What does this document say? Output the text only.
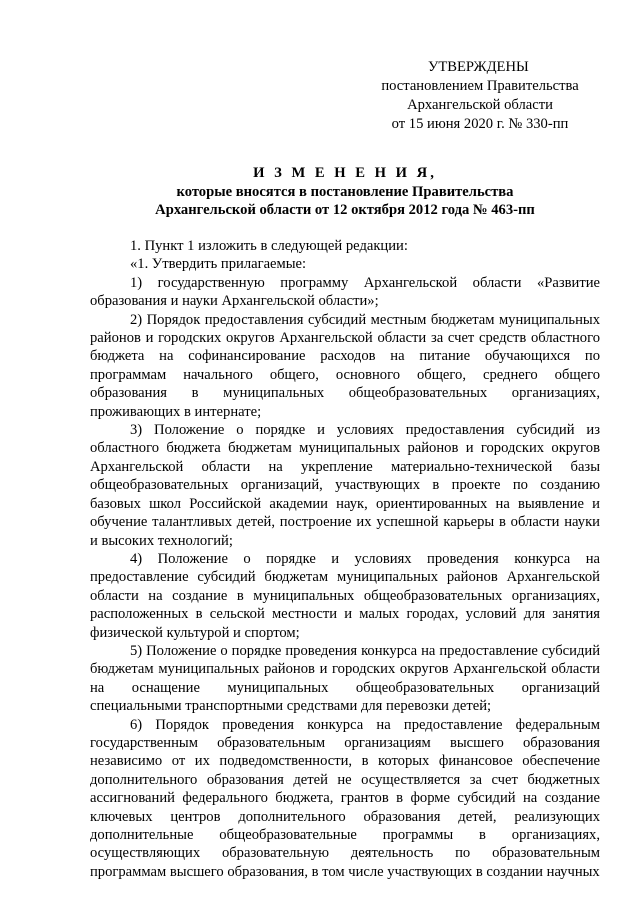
УТВЕРЖДЕНЫ
постановлением Правительства
Архангельской области
от 15 июня 2020 г. № 330-пп
И З М Е Н Е Н И Я,
которые вносятся в постановление Правительства
Архангельской области от 12 октября 2012 года № 463-пп

1. Пункт 1 изложить в следующей редакции:

«1. Утвердить прилагаемые:

1) государственную программу Архангельской области «Развитие образования и науки Архангельской области»;

2) Порядок предоставления субсидий местным бюджетам муниципальных районов и городских округов Архангельской области за счет средств областного бюджета на софинансирование расходов на питание обучающихся по программам начального общего, основного общего, среднего общего образования в муниципальных общеобразовательных организациях, проживающих в интернате;

3) Положение о порядке и условиях предоставления субсидий из областного бюджета бюджетам муниципальных районов и городских округов Архангельской области на укрепление материально-технической базы общеобразовательных организаций, участвующих в проекте по созданию базовых школ Российской академии наук, ориентированных на выявление и обучение талантливых детей, построение их успешной карьеры в области науки и высоких технологий;

4) Положение о порядке и условиях проведения конкурса на предоставление субсидий бюджетам муниципальных районов Архангельской области на создание в муниципальных общеобразовательных организациях, расположенных в сельской местности и малых городах, условий для занятия физической культурой и спортом;

5) Положение о порядке проведения конкурса на предоставление субсидий бюджетам муниципальных районов и городских округов Архангельской области на оснащение муниципальных общеобразовательных организаций специальными транспортными средствами для перевозки детей;

6) Порядок проведения конкурса на предоставление федеральным государственным образовательным организациям высшего образования независимо от их подведомственности, в которых финансовое обеспечение дополнительного образования детей не осуществляется за счет бюджетных ассигнований федерального бюджета, грантов в форме субсидий на создание ключевых центров дополнительного образования детей, реализующих дополнительные общеобразовательные программы в организациях, осуществляющих образовательную деятельность по образовательным программам высшего образования, в том числе участвующих в создании научных
